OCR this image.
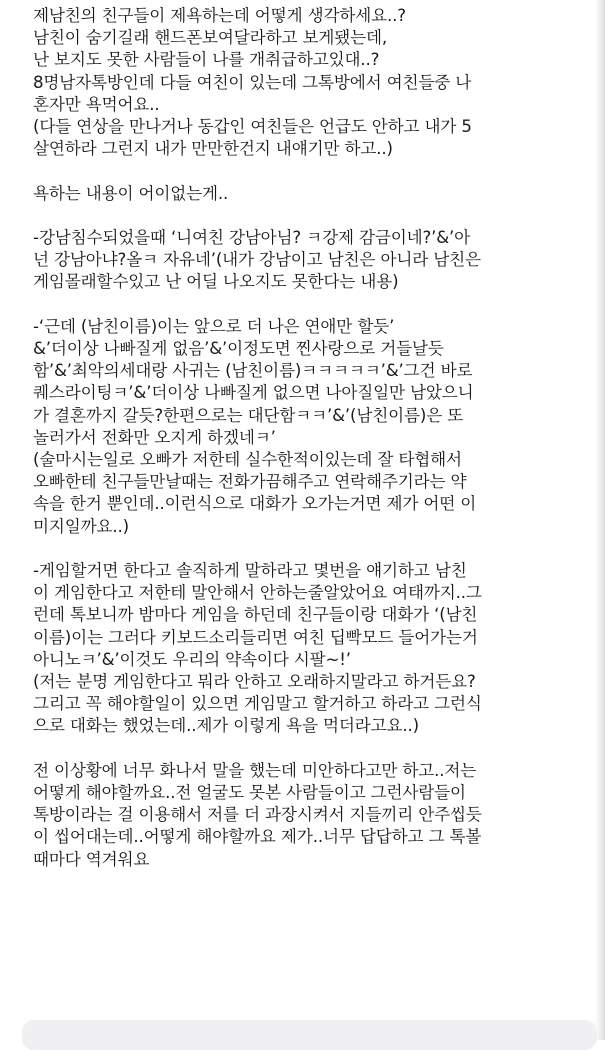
제남친의 친구들이 제욕하는데 어떻게 생각하세요..?
남친이 숨기길래 핸드폰보여달라하고 보게됐는데,
난 보지도 못한 사람들이 나를 개취급하고있대..?
8명남자톡방인데 다들 여친이 있는데 그톡방에서 여친들중 나
혼자만 욕먹어요..
(다들 연상을 만나거나 동갑인 여친들은 언급도 안하고 내가 5
살연하라 그런지 내가 만만한건지 내얘기만 하고..)
욕하는 내용이 어이없는게..
-강남침수되었을때 ‘니여친 강남아님? ㅋ강제 감금이네?’&’아
넌 강남아냐?올ㅋ 자유네’(내가 강남이고 남친은 아니라 남친은
게임몰래할수있고 난 어딜 나오지도 못한다는 내용)
-‘근데 (남친이름)이는 앞으로 더 나은 연애만 할듯’
&’더이상 나빠질게 없음’&’이정도면 찐사랑으로 거들날듯
함’&’최악의세대랑 사귀는 (남친이름)ㅋㅋㅋㅋㅋ’&’그건 바로
퀘스라이팅ㅋ’&’더이상 나빠질게 없으면 나아질일만 남았으니
가 결혼까지 갈듯?한편으로는 대단함ㅋㅋ’&’(남친이름)은 또
놀러가서 전화만 오지게 하겠네ㅋ’
(술마시는일로 오빠가 저한테 실수한적이있는데 잘 타협해서
오빠한테 친구들만날때는 전화가끔해주고 연락해주기라는 약
속을 한거 뿐인데..이런식으로 대화가 오가는거면 제가 어떤 이
미지일까요..)
-게임할거면 한다고 솔직하게 말하라고 몇번을 얘기하고 남친
이 게임한다고 저한테 말안해서 안하는줄알았어요 여태까지..그
런데 톡보니까 밤마다 게임을 하던데 친구들이랑 대화가 ‘(남친
이름)이는 그러다 키보드소리들리면 여친 딥빡모드 들어가는거
아니노ㅋ’&’이것도 우리의 약속이다 시팔~!’
(저는 분명 게임한다고 뭐라 안하고 오래하지말라고 하거든요?
그리고 꼭 해야할일이 있으면 게임말고 할거하고 하라고 그런식
으로 대화는 했었는데..제가 이렇게 욕을 먹더라고요..)
전 이상황에 너무 화나서 말을 했는데 미안하다고만 하고..저는
어떻게 해야할까요..전 얼굴도 못본 사람들이고 그런사람들이
톡방이라는 걸 이용해서 저를 더 과장시켜서 지들끼리 안주씹듯
이 씹어대는데..어떻게 해야할까요 제가..너무 답답하고 그 톡볼
때마다 역겨워요
